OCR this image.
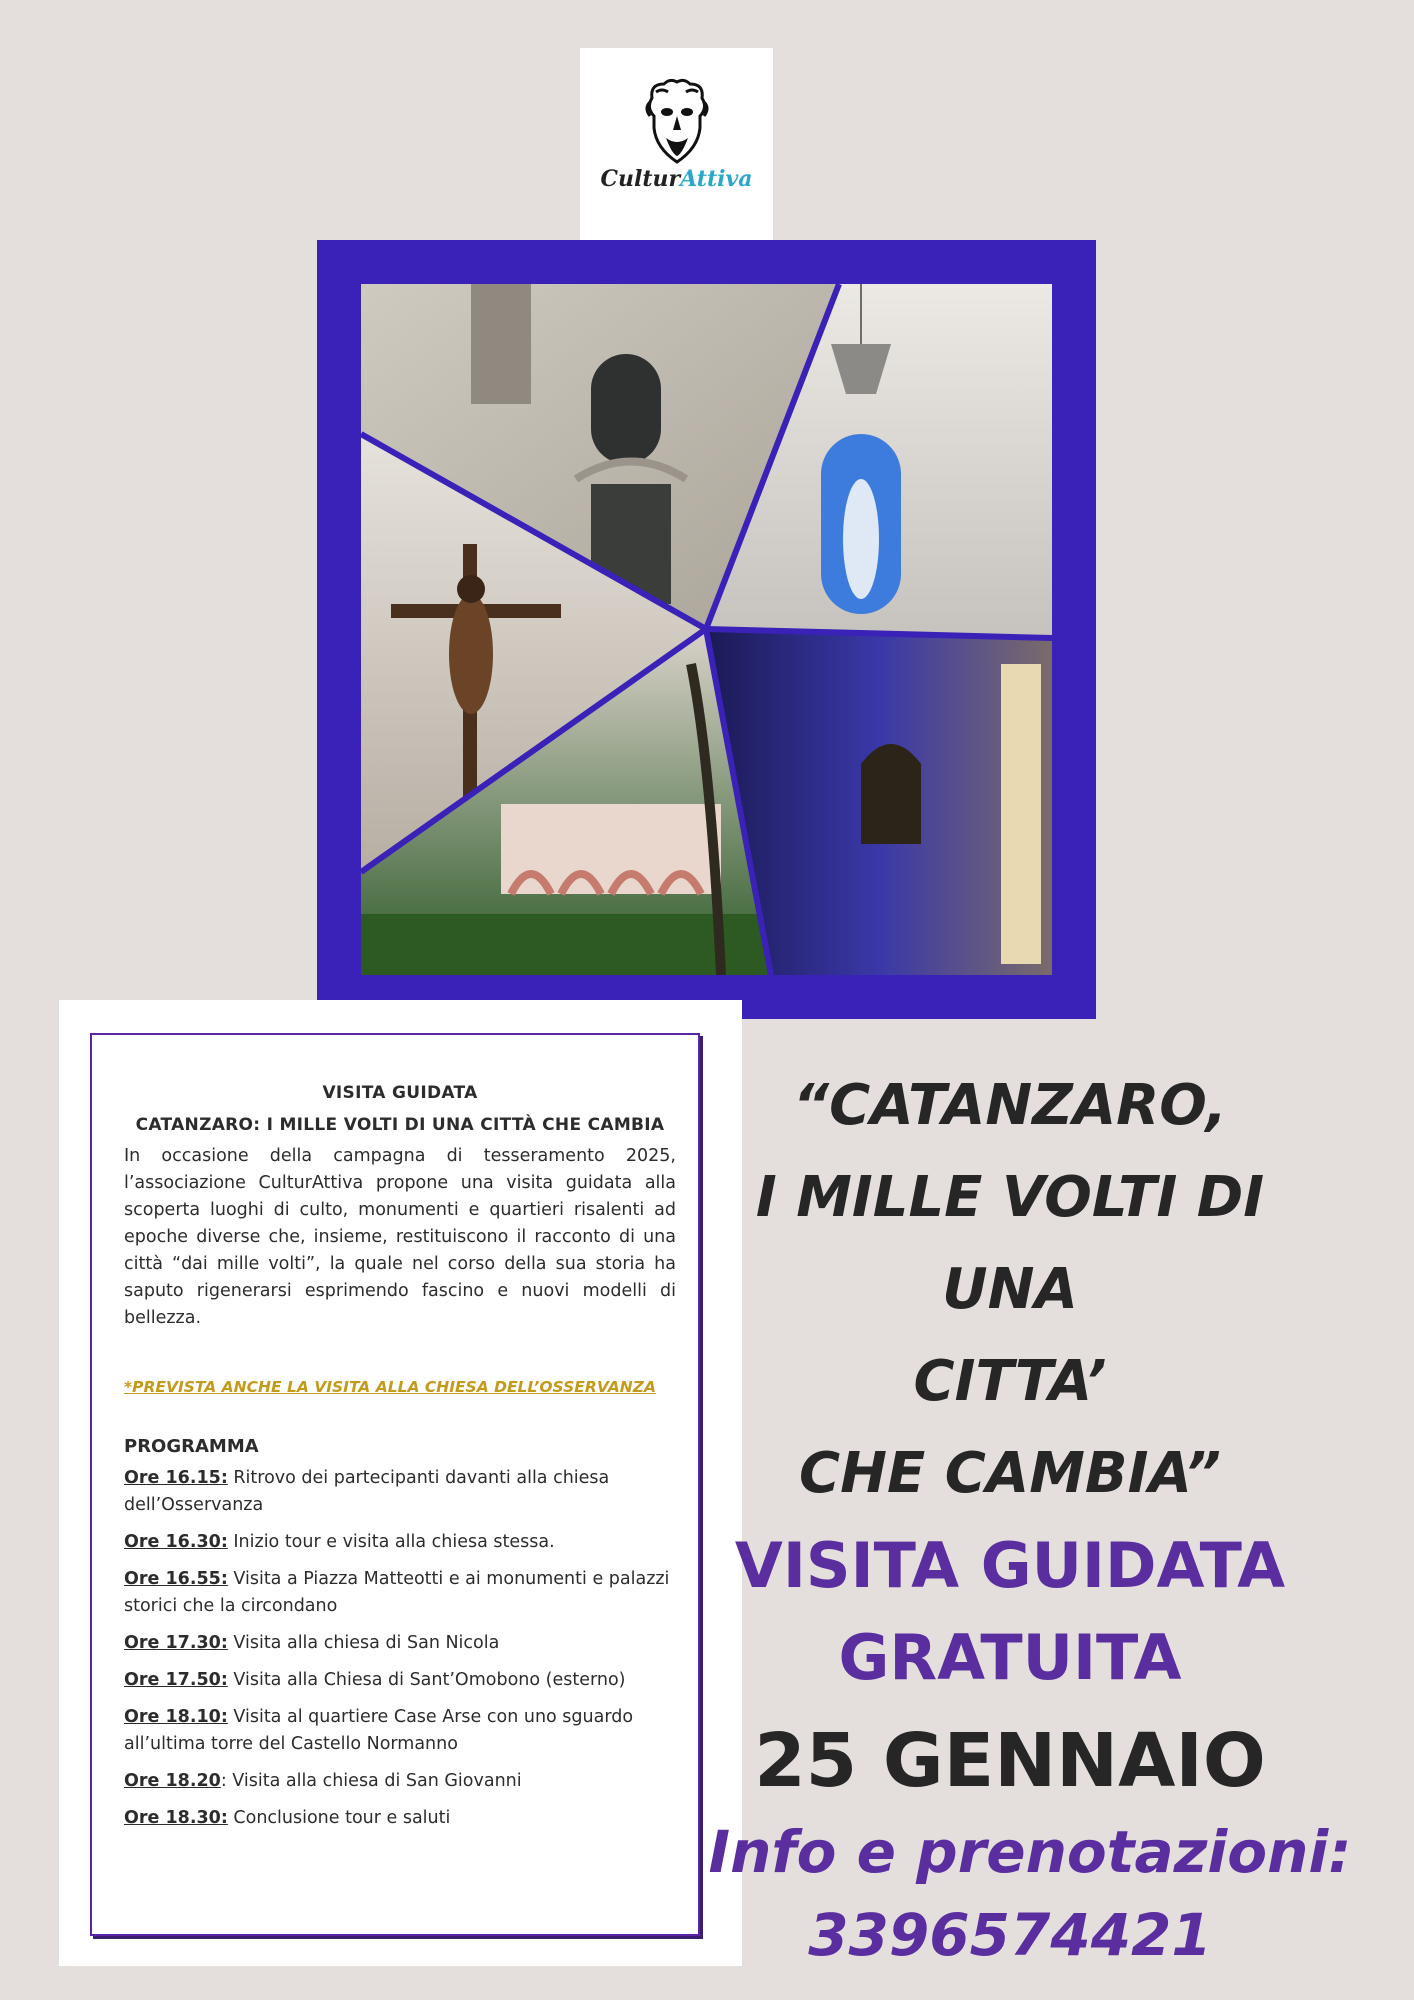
CulturAttiva
VISITA GUIDATA
CATANZARO: I MILLE VOLTI DI UNA CITTÀ CHE CAMBIA

In occasione della campagna di tesseramento 2025, l’associazione CulturAttiva propone una visita guidata alla scoperta luoghi di culto, monumenti e quartieri risalenti ad epoche diverse che, insieme, restituiscono il racconto di una città “dai mille volti”, la quale nel corso della sua storia ha saputo rigenerarsi esprimendo fascino e nuovi modelli di bellezza.

*PREVISTA ANCHE LA VISITA ALLA CHIESA DELL’OSSERVANZA
PROGRAMMA
Ore 16.15: Ritrovo dei partecipanti davanti alla chiesa dell’Osservanza
Ore 16.30: Inizio tour e visita alla chiesa stessa.
Ore 16.55: Visita a Piazza Matteotti e ai monumenti e palazzi storici che la circondano
Ore 17.30: Visita alla chiesa di San Nicola
Ore 17.50: Visita alla Chiesa di Sant’Omobono (esterno)
Ore 18.10: Visita al quartiere Case Arse con uno sguardo all’ultima torre del Castello Normanno
Ore 18.20: Visita alla chiesa di San Giovanni
Ore 18.30: Conclusione tour e saluti
“CATANZARO,
I MILLE VOLTI DI
UNA
CITTA’
CHE CAMBIA”
VISITA GUIDATA
GRATUITA
25 GENNAIO
Info e prenotazioni:
3396574421
